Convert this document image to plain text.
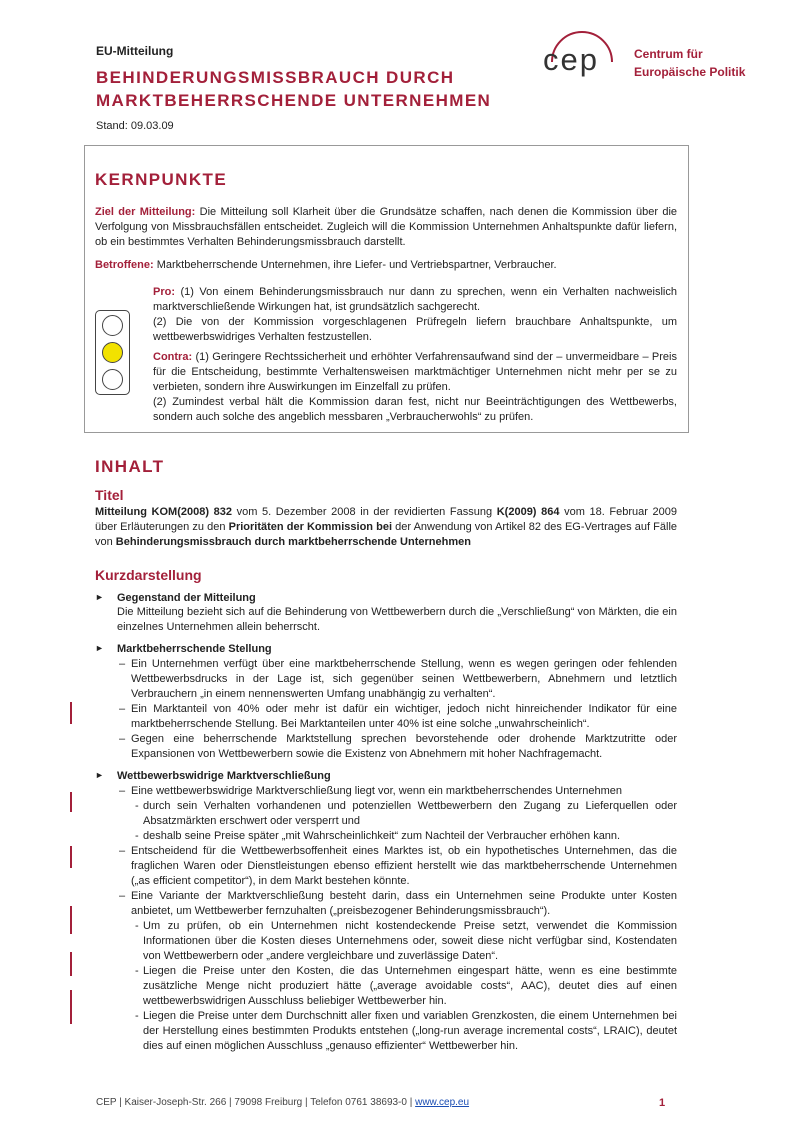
EU-Mitteilung
BEHINDERUNGSMISSBRAUCH DURCH
MARKTBEHERRSCHENDE UNTERNEHMEN
Stand: 09.03.09
cep	Centrum für
Europäische Politik
KERNPUNKTE
Ziel der Mitteilung: Die Mitteilung soll Klarheit über die Grundsätze schaffen, nach denen die Kommission über die Verfolgung von Missbrauchsfällen entscheidet. Zugleich will die Kommission Unternehmen Anhaltspunkte dafür liefern, ob ein bestimmtes Verhalten Behinderungsmissbrauch darstellt.
Betroffene: Marktbeherrschende Unternehmen, ihre Liefer- und Vertriebspartner, Verbraucher.
Pro: (1) Von einem Behinderungsmissbrauch nur dann zu sprechen, wenn ein Verhalten nachweislich marktverschließende Wirkungen hat, ist grundsätzlich sachgerecht.
(2) Die von der Kommission vorgeschlagenen Prüfregeln liefern brauchbare Anhaltspunkte, um wettbewerbswidriges Verhalten festzustellen.
Contra: (1) Geringere Rechtssicherheit und erhöhter Verfahrensaufwand sind der – unvermeidbare – Preis für die Entscheidung, bestimmte Verhaltensweisen marktmächtiger Unternehmen nicht mehr per se zu verbieten, sondern ihre Auswirkungen im Einzelfall zu prüfen.
(2) Zumindest verbal hält die Kommission daran fest, nicht nur Beeinträchtigungen des Wettbewerbs, sondern auch solche des angeblich messbaren „Verbraucherwohls“ zu prüfen.
INHALT
Titel
Mitteilung KOM(2008) 832 vom 5. Dezember 2008 in der revidierten Fassung K(2009) 864 vom 18. Februar 2009 über Erläuterungen zu den Prioritäten der Kommission bei der Anwendung von Artikel 82 des EG-Vertrages auf Fälle von Behinderungsmissbrauch durch marktbeherrschende Unternehmen
Kurzdarstellung
► Gegenstand der Mitteilung
Die Mitteilung bezieht sich auf die Behinderung von Wettbewerbern durch die „Verschließung“ von Märkten, die ein einzelnes Unternehmen allein beherrscht.
► Marktbeherrschende Stellung
– Ein Unternehmen verfügt über eine marktbeherrschende Stellung, wenn es wegen geringen oder fehlenden Wettbewerbsdrucks in der Lage ist, sich gegenüber seinen Wettbewerbern, Abnehmern und letztlich Verbrauchern „in einem nennenswerten Umfang unabhängig zu verhalten“.
– Ein Marktanteil von 40% oder mehr ist dafür ein wichtiger, jedoch nicht hinreichender Indikator für eine marktbeherrschende Stellung. Bei Marktanteilen unter 40% ist eine solche „unwahrscheinlich“.
– Gegen eine beherrschende Marktstellung sprechen bevorstehende oder drohende Marktzutritte oder Expansionen von Wettbewerbern sowie die Existenz von Abnehmern mit hoher Nachfragemacht.
► Wettbewerbswidrige Marktverschließung
– Eine wettbewerbswidrige Marktverschließung liegt vor, wenn ein marktbeherrschendes Unternehmen
- durch sein Verhalten vorhandenen und potenziellen Wettbewerbern den Zugang zu Lieferquellen oder Absatzmärkten erschwert oder versperrt und
- deshalb seine Preise später „mit Wahrscheinlichkeit“ zum Nachteil der Verbraucher erhöhen kann.
– Entscheidend für die Wettbewerbsoffenheit eines Marktes ist, ob ein hypothetisches Unternehmen, das die fraglichen Waren oder Dienstleistungen ebenso effizient herstellt wie das marktbeherrschende Unternehmen („as efficient competitor“), in dem Markt bestehen könnte.
– Eine Variante der Marktverschließung besteht darin, dass ein Unternehmen seine Produkte unter Kosten anbietet, um Wettbewerber fernzuhalten („preisbezogener Behinderungsmissbrauch“).
- Um zu prüfen, ob ein Unternehmen nicht kostendeckende Preise setzt, verwendet die Kommission Informationen über die Kosten dieses Unternehmens oder, soweit diese nicht verfügbar sind, Kostendaten von Wettbewerbern oder „andere vergleichbare und zuverlässige Daten“.
- Liegen die Preise unter den Kosten, die das Unternehmen eingespart hätte, wenn es eine bestimmte zusätzliche Menge nicht produziert hätte („average avoidable costs“, AAC), deutet dies auf einen wettbewerbswidrigen Ausschluss beliebiger Wettbewerber hin.
- Liegen die Preise unter dem Durchschnitt aller fixen und variablen Grenzkosten, die einem Unternehmen bei der Herstellung eines bestimmten Produkts entstehen („long-run average incremental costs“, LRAIC), deutet dies auf einen möglichen Ausschluss „genauso effizienter“ Wettbewerber hin.
CEP | Kaiser-Joseph-Str. 266 | 79098 Freiburg | Telefon 0761 38693-0 | www.cep.eu	1
